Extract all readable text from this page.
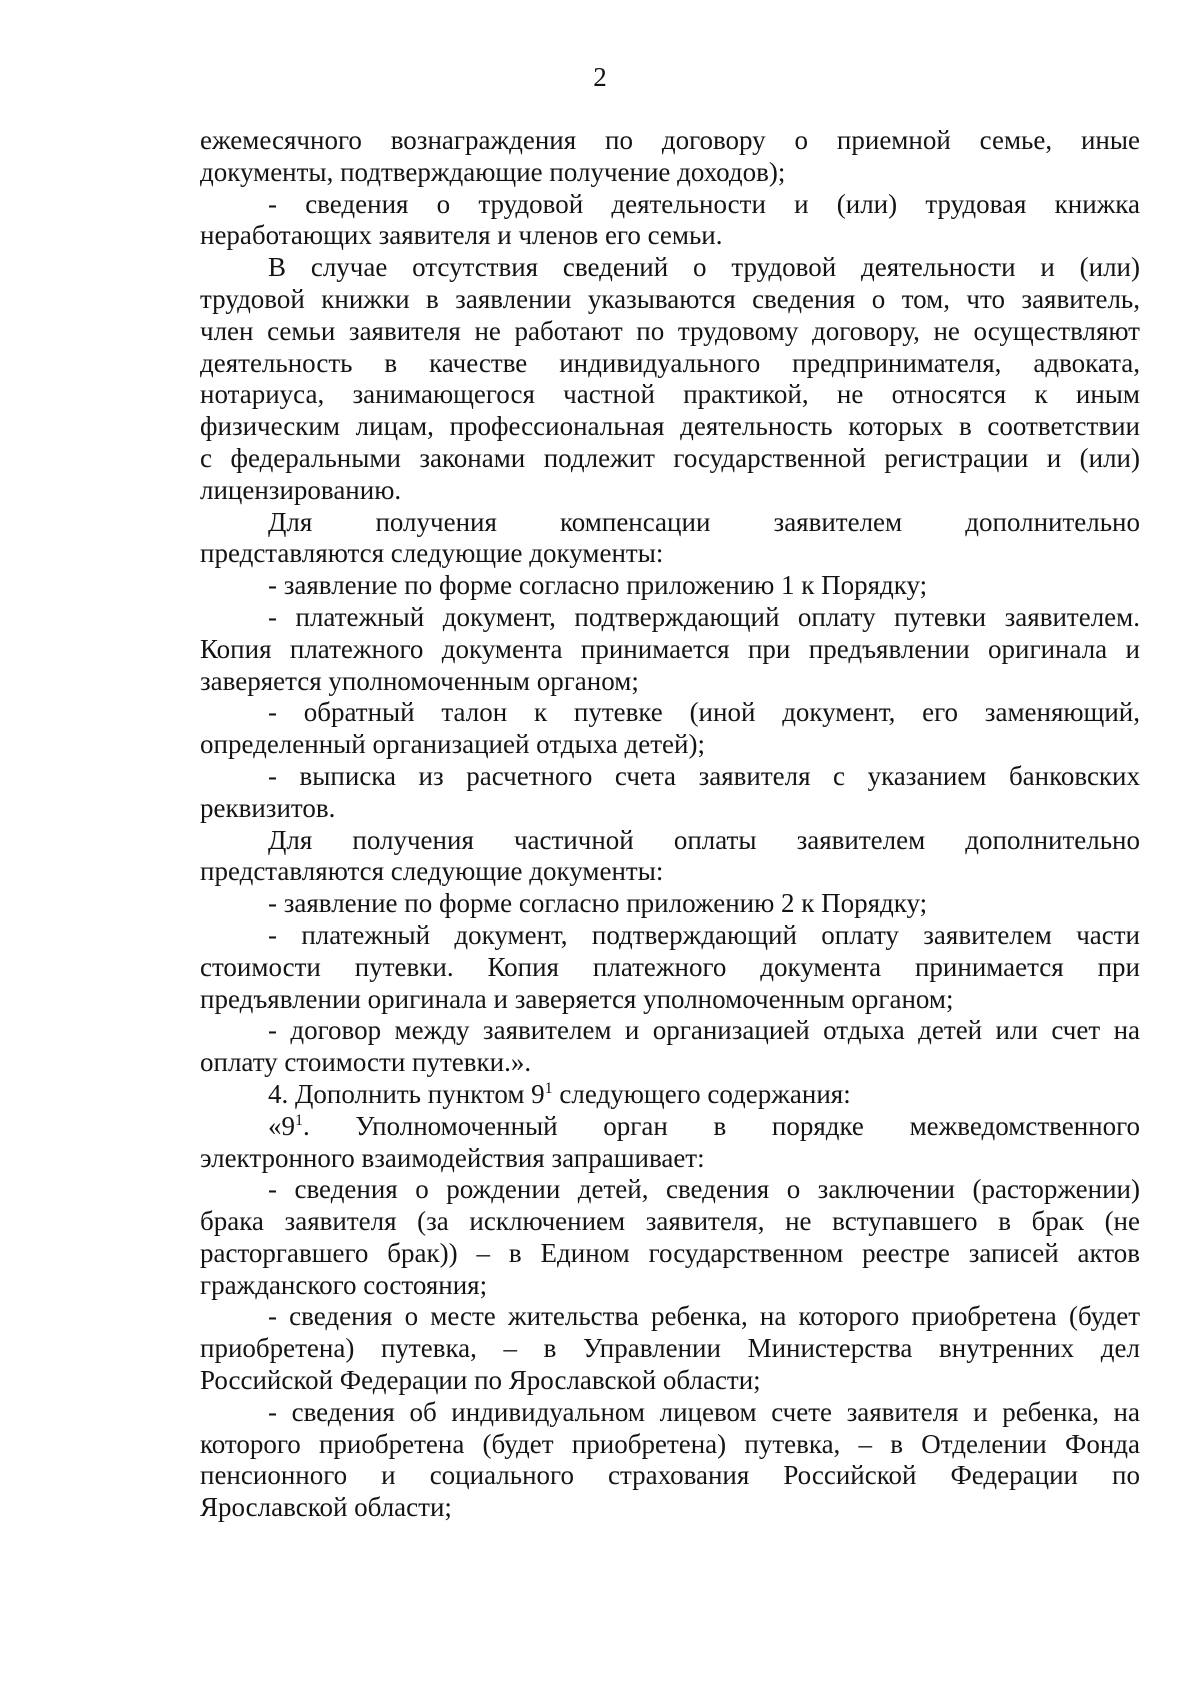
2

ежемесячного вознаграждения по договору о приемной семье, иные

документы, подтверждающие получение доходов);

- сведения о трудовой деятельности и (или) трудовая книжка

неработающих заявителя и членов его семьи.

В случае отсутствия сведений о трудовой деятельности и (или)

трудовой книжки в заявлении указываются сведения о том, что заявитель,

член семьи заявителя не работают по трудовому договору, не осуществляют

деятельность в качестве индивидуального предпринимателя, адвоката,

нотариуса, занимающегося частной практикой, не относятся к иным

физическим лицам, профессиональная деятельность которых в соответствии

с федеральными законами подлежит государственной регистрации и (или)

лицензированию.

Для получения компенсации заявителем дополнительно

представляются следующие документы:

- заявление по форме согласно приложению 1 к Порядку;

- платежный документ, подтверждающий оплату путевки заявителем.

Копия платежного документа принимается при предъявлении оригинала и

заверяется уполномоченным органом;

- обратный талон к путевке (иной документ, его заменяющий,

определенный организацией отдыха детей);

- выписка из расчетного счета заявителя с указанием банковских

реквизитов.

Для получения частичной оплаты заявителем дополнительно

представляются следующие документы:

- заявление по форме согласно приложению 2 к Порядку;

- платежный документ, подтверждающий оплату заявителем части

стоимости путевки. Копия платежного документа принимается при

предъявлении оригинала и заверяется уполномоченным органом;

- договор между заявителем и организацией отдыха детей или счет на

оплату стоимости путевки.».

4. Дополнить пунктом $9^1$ следующего содержания:

«$9^1$. Уполномоченный орган в порядке межведомственного

электронного взаимодействия запрашивает:

- сведения о рождении детей, сведения о заключении (расторжении)

брака заявителя (за исключением заявителя, не вступавшего в брак (не

расторгавшего брак)) – в Едином государственном реестре записей актов

гражданского состояния;

- сведения о месте жительства ребенка, на которого приобретена (будет

приобретена) путевка, – в Управлении Министерства внутренних дел

Российской Федерации по Ярославской области;

- сведения об индивидуальном лицевом счете заявителя и ребенка, на

которого приобретена (будет приобретена) путевка, – в Отделении Фонда

пенсионного и социального страхования Российской Федерации по

Ярославской области;
